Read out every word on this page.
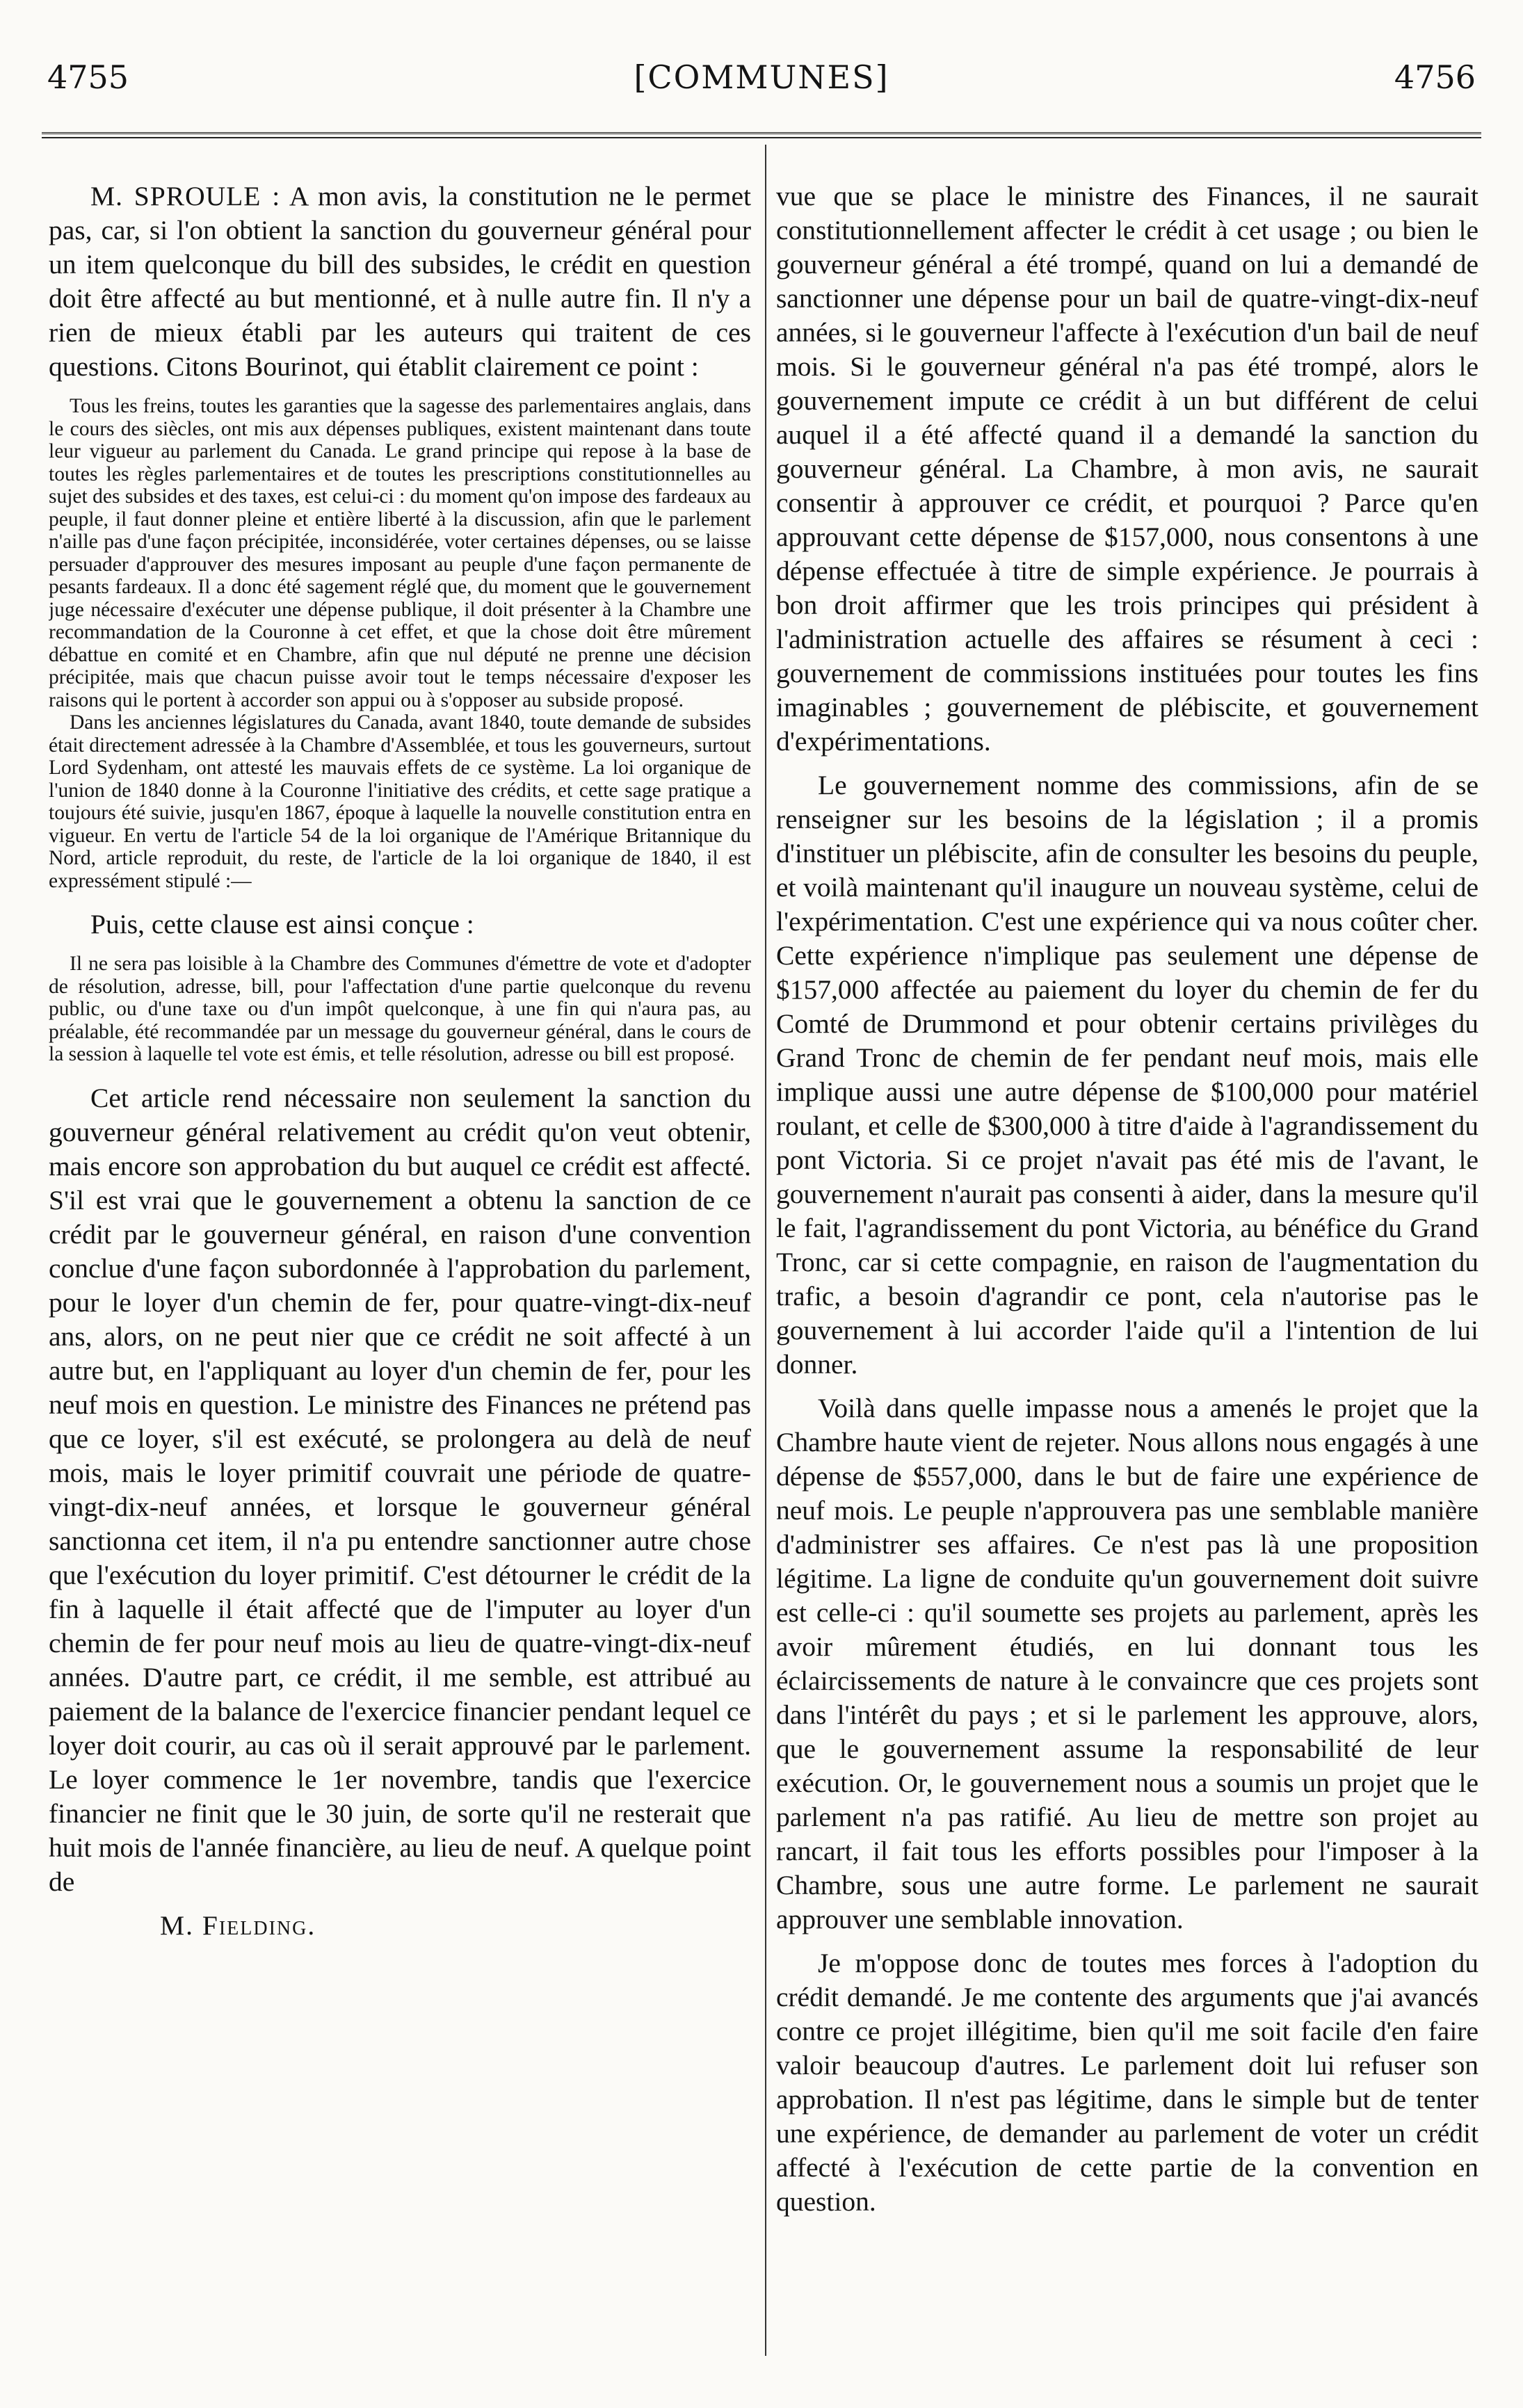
4755	[COMMUNES]	4756

M. SPROULE : A mon avis, la constitution ne le permet pas, car, si l'on obtient la sanction du gouverneur général pour un item quelconque du bill des subsides, le crédit en question doit être affecté au but mentionné, et à nulle autre fin. Il n'y a rien de mieux établi par les auteurs qui traitent de ces questions. Citons Bourinot, qui établit clairement ce point :

Tous les freins, toutes les garanties que la sagesse des parlementaires anglais, dans le cours des siècles, ont mis aux dépenses publiques, existent maintenant dans toute leur vigueur au parlement du Canada. Le grand principe qui repose à la base de toutes les règles parlementaires et de toutes les prescriptions constitutionnelles au sujet des subsides et des taxes, est celui-ci : du moment qu'on impose des fardeaux au peuple, il faut donner pleine et entière liberté à la discussion, afin que le parlement n'aille pas d'une façon précipitée, inconsidérée, voter certaines dépenses, ou se laisse persuader d'approuver des mesures imposant au peuple d'une façon permanente de pesants fardeaux. Il a donc été sagement réglé que, du moment que le gouvernement juge nécessaire d'exécuter une dépense publique, il doit présenter à la Chambre une recommandation de la Couronne à cet effet, et que la chose doit être mûrement débattue en comité et en Chambre, afin que nul député ne prenne une décision précipitée, mais que chacun puisse avoir tout le temps nécessaire d'exposer les raisons qui le portent à accorder son appui ou à s'opposer au subside proposé.

Dans les anciennes législatures du Canada, avant 1840, toute demande de subsides était directement adressée à la Chambre d'Assemblée, et tous les gouverneurs, surtout Lord Sydenham, ont attesté les mauvais effets de ce système. La loi organique de l'union de 1840 donne à la Couronne l'initiative des crédits, et cette sage pratique a toujours été suivie, jusqu'en 1867, époque à laquelle la nouvelle constitution entra en vigueur. En vertu de l'article 54 de la loi organique de l'Amérique Britannique du Nord, article reproduit, du reste, de l'article de la loi organique de 1840, il est expressément stipulé :—

Puis, cette clause est ainsi conçue :

Il ne sera pas loisible à la Chambre des Communes d'émettre de vote et d'adopter de résolution, adresse, bill, pour l'affectation d'une partie quelconque du revenu public, ou d'une taxe ou d'un impôt quelconque, à une fin qui n'aura pas, au préalable, été recommandée par un message du gouverneur général, dans le cours de la session à laquelle tel vote est émis, et telle résolution, adresse ou bill est proposé.

Cet article rend nécessaire non seulement la sanction du gouverneur général relativement au crédit qu'on veut obtenir, mais encore son approbation du but auquel ce crédit est affecté. S'il est vrai que le gouvernement a obtenu la sanction de ce crédit par le gouverneur général, en raison d'une convention conclue d'une façon subordonnée à l'approbation du parlement, pour le loyer d'un chemin de fer, pour quatre-vingt-dix-neuf ans, alors, on ne peut nier que ce crédit ne soit affecté à un autre but, en l'appliquant au loyer d'un chemin de fer, pour les neuf mois en question. Le ministre des Finances ne prétend pas que ce loyer, s'il est exécuté, se prolongera au delà de neuf mois, mais le loyer primitif couvrait une période de quatre-vingt-dix-neuf années, et lorsque le gouverneur général sanctionna cet item, il n'a pu entendre sanctionner autre chose que l'exécution du loyer primitif. C'est détourner le crédit de la fin à laquelle il était affecté que de l'imputer au loyer d'un chemin de fer pour neuf mois au lieu de quatre-vingt-dix-neuf années. D'autre part, ce crédit, il me semble, est attribué au paiement de la balance de l'exercice financier pendant lequel ce loyer doit courir, au cas où il serait approuvé par le parlement. Le loyer commence le 1er novembre, tandis que l'exercice financier ne finit que le 30 juin, de sorte qu'il ne resterait que huit mois de l'année financière, au lieu de neuf. A quelque point de

M. Fielding.

vue que se place le ministre des Finances, il ne saurait constitutionnellement affecter le crédit à cet usage ; ou bien le gouverneur général a été trompé, quand on lui a demandé de sanctionner une dépense pour un bail de quatre-vingt-dix-neuf années, si le gouverneur l'affecte à l'exécution d'un bail de neuf mois. Si le gouverneur général n'a pas été trompé, alors le gouvernement impute ce crédit à un but différent de celui auquel il a été affecté quand il a demandé la sanction du gouverneur général. La Chambre, à mon avis, ne saurait consentir à approuver ce crédit, et pourquoi ? Parce qu'en approuvant cette dépense de $157,000, nous consentons à une dépense effectuée à titre de simple expérience. Je pourrais à bon droit affirmer que les trois principes qui président à l'administration actuelle des affaires se résument à ceci : gouvernement de commissions instituées pour toutes les fins imaginables ; gouvernement de plébiscite, et gouvernement d'expérimentations.

Le gouvernement nomme des commissions, afin de se renseigner sur les besoins de la législation ; il a promis d'instituer un plébiscite, afin de consulter les besoins du peuple, et voilà maintenant qu'il inaugure un nouveau système, celui de l'expérimentation. C'est une expérience qui va nous coûter cher. Cette expérience n'implique pas seulement une dépense de $157,000 affectée au paiement du loyer du chemin de fer du Comté de Drummond et pour obtenir certains privilèges du Grand Tronc de chemin de fer pendant neuf mois, mais elle implique aussi une autre dépense de $100,000 pour matériel roulant, et celle de $300,000 à titre d'aide à l'agrandissement du pont Victoria. Si ce projet n'avait pas été mis de l'avant, le gouvernement n'aurait pas consenti à aider, dans la mesure qu'il le fait, l'agrandissement du pont Victoria, au bénéfice du Grand Tronc, car si cette compagnie, en raison de l'augmentation du trafic, a besoin d'agrandir ce pont, cela n'autorise pas le gouvernement à lui accorder l'aide qu'il a l'intention de lui donner.

Voilà dans quelle impasse nous a amenés le projet que la Chambre haute vient de rejeter. Nous allons nous engagés à une dépense de $557,000, dans le but de faire une expérience de neuf mois. Le peuple n'approuvera pas une semblable manière d'administrer ses affaires. Ce n'est pas là une proposition légitime. La ligne de conduite qu'un gouvernement doit suivre est celle-ci : qu'il soumette ses projets au parlement, après les avoir mûrement étudiés, en lui donnant tous les éclaircissements de nature à le convaincre que ces projets sont dans l'intérêt du pays ; et si le parlement les approuve, alors, que le gouvernement assume la responsabilité de leur exécution. Or, le gouvernement nous a soumis un projet que le parlement n'a pas ratifié. Au lieu de mettre son projet au rancart, il fait tous les efforts possibles pour l'imposer à la Chambre, sous une autre forme. Le parlement ne saurait approuver une semblable innovation.

Je m'oppose donc de toutes mes forces à l'adoption du crédit demandé. Je me contente des arguments que j'ai avancés contre ce projet illégitime, bien qu'il me soit facile d'en faire valoir beaucoup d'autres. Le parlement doit lui refuser son approbation. Il n'est pas légitime, dans le simple but de tenter une expérience, de demander au parlement de voter un crédit affecté à l'exécution de cette partie de la convention en question.
